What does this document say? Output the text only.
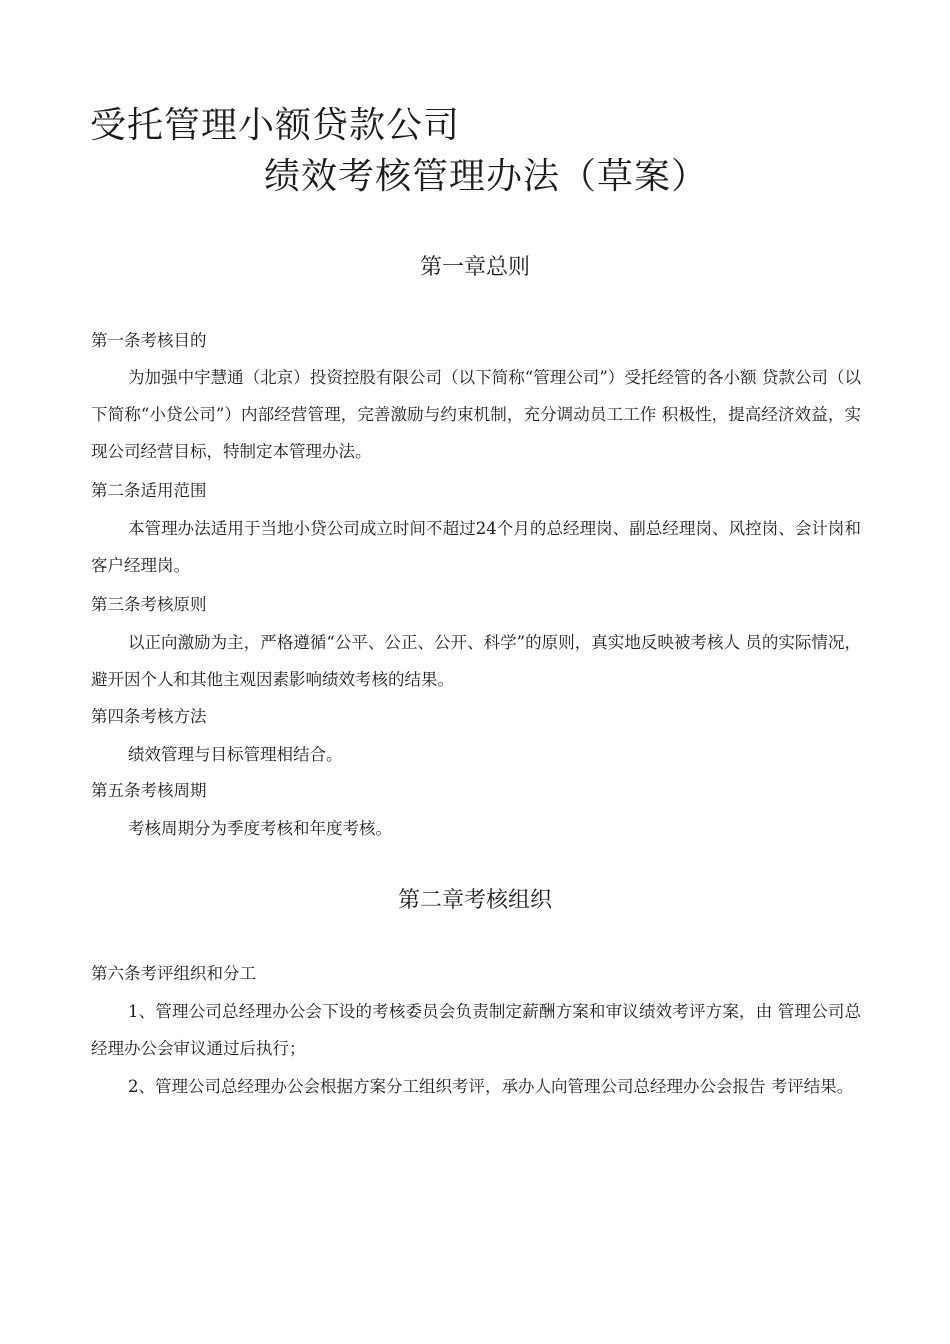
受托管理小额贷款公司
绩效考核管理办法（草案）
第一章总则
第一条考核目的
为加强中宇慧通（北京）投资控股有限公司（以下简称“管理公司”）受托经管的各小额 贷款公司（以下简称“小贷公司”）内部经营管理，完善激励与约束机制，充分调动员工工作 积极性，提高经济效益，实现公司经营目标，特制定本管理办法。
第二条适用范围
本管理办法适用于当地小贷公司成立时间不超过24个月的总经理岗、副总经理岗、风控岗、会计岗和客户经理岗。
第三条考核原则
以正向激励为主，严格遵循“公平、公正、公开、科学”的原则，真实地反映被考核人 员的实际情况，避开因个人和其他主观因素影响绩效考核的结果。
第四条考核方法
绩效管理与目标管理相结合。
第五条考核周期
考核周期分为季度考核和年度考核。
第二章考核组织
第六条考评组织和分工
1、管理公司总经理办公会下设的考核委员会负责制定薪酬方案和审议绩效考评方案，由 管理公司总经理办公会审议通过后执行；
2、管理公司总经理办公会根据方案分工组织考评，承办人向管理公司总经理办公会报告 考评结果。
